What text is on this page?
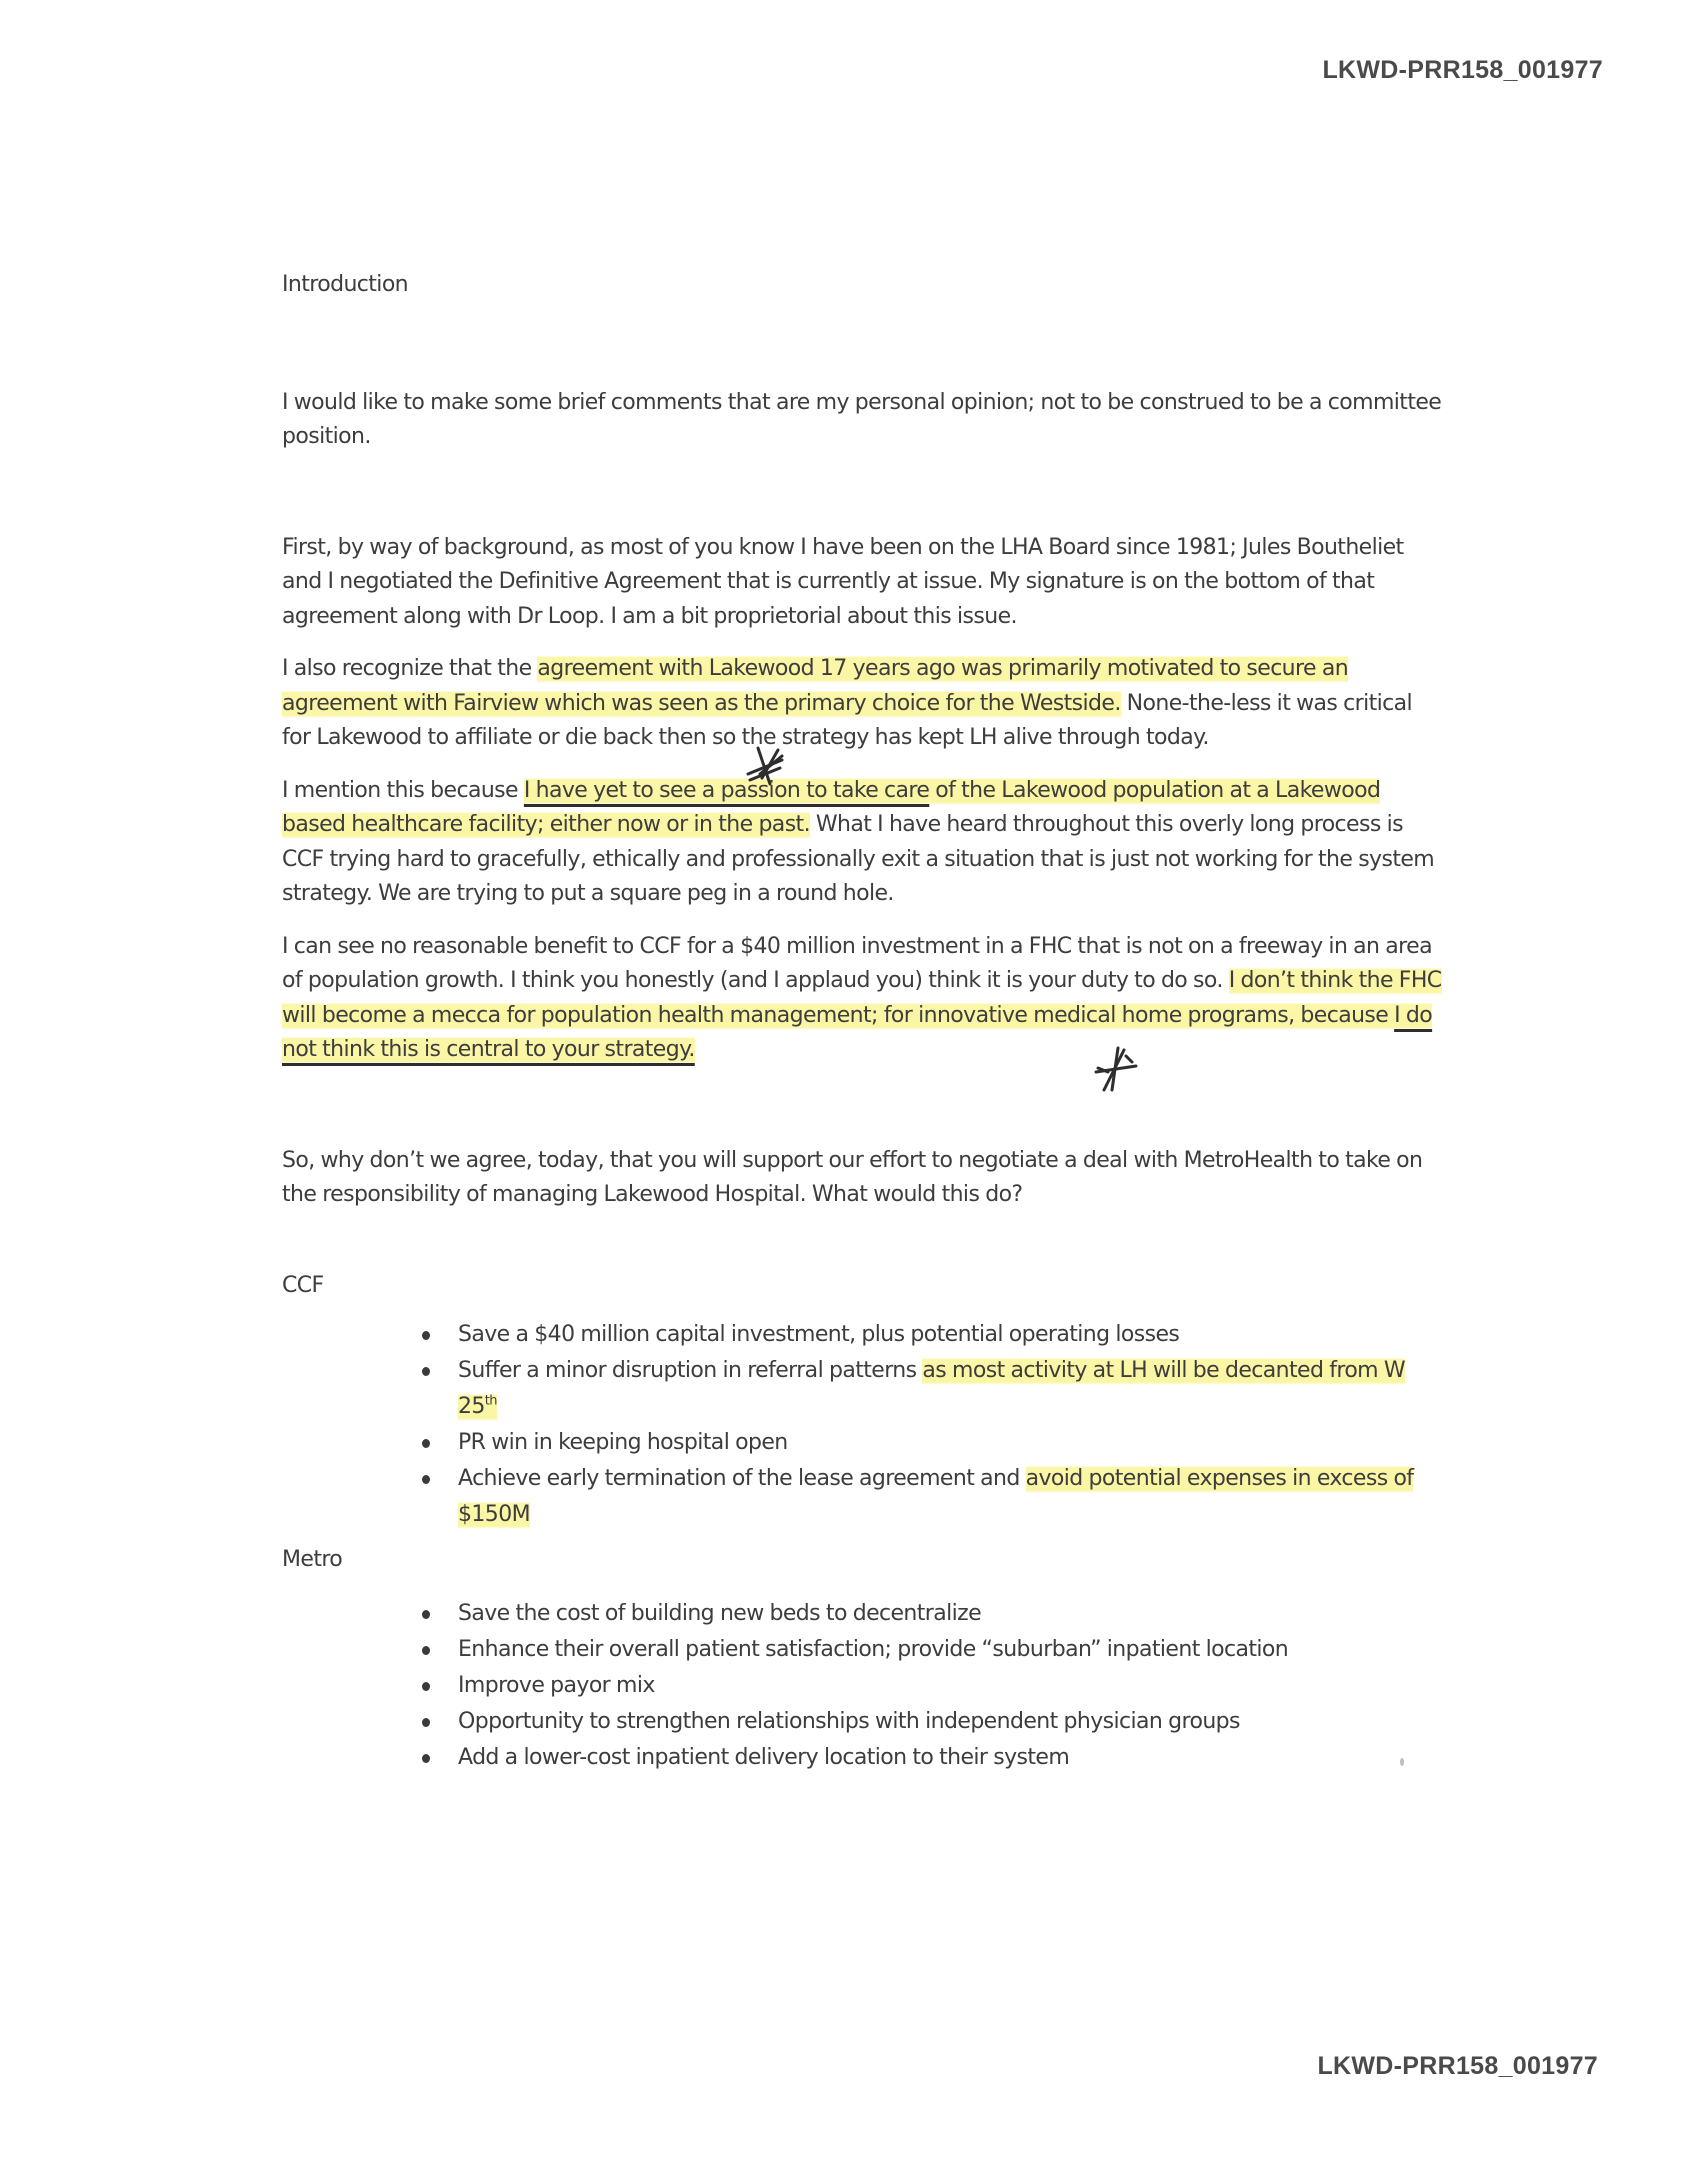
LKWD-PRR158_001977
Introduction

I would like to make some brief comments that are my personal opinion; not to be construed to be a committee position.

First, by way of background, as most of you know I have been on the LHA Board since 1981; Jules Boutheliet and I negotiated the Definitive Agreement that is currently at issue. My signature is on the bottom of that agreement along with Dr Loop. I am a bit proprietorial about this issue.

I also recognize that the agreement with Lakewood 17 years ago was primarily motivated to secure an agreement with Fairview which was seen as the primary choice for the Westside. None-the-less it was critical for Lakewood to affiliate or die back then so the strategy has kept LH alive through today.

I mention this because I have yet to see a passion to take care of the Lakewood population at a Lakewood based healthcare facility; either now or in the past. What I have heard throughout this overly long process is CCF trying hard to gracefully, ethically and professionally exit a situation that is just not working for the system strategy. We are trying to put a square peg in a round hole.

I can see no reasonable benefit to CCF for a $40 million investment in a FHC that is not on a freeway in an area of population growth. I think you honestly (and I applaud you) think it is your duty to do so. I don’t think the FHC will become a mecca for population health management; for innovative medical home programs, because I do not think this is central to your strategy.

So, why don’t we agree, today, that you will support our effort to negotiate a deal with MetroHealth to take on the responsibility of managing Lakewood Hospital. What would this do?

CCF
Save a $40 million capital investment, plus potential operating losses
Suffer a minor disruption in referral patterns as most activity at LH will be decanted from W 25th
PR win in keeping hospital open
Achieve early termination of the lease agreement and avoid potential expenses in excess of $150M
Metro
Save the cost of building new beds to decentralize
Enhance their overall patient satisfaction; provide “suburban” inpatient location
Improve payor mix
Opportunity to strengthen relationships with independent physician groups
Add a lower-cost inpatient delivery location to their system
LKWD-PRR158_001977
